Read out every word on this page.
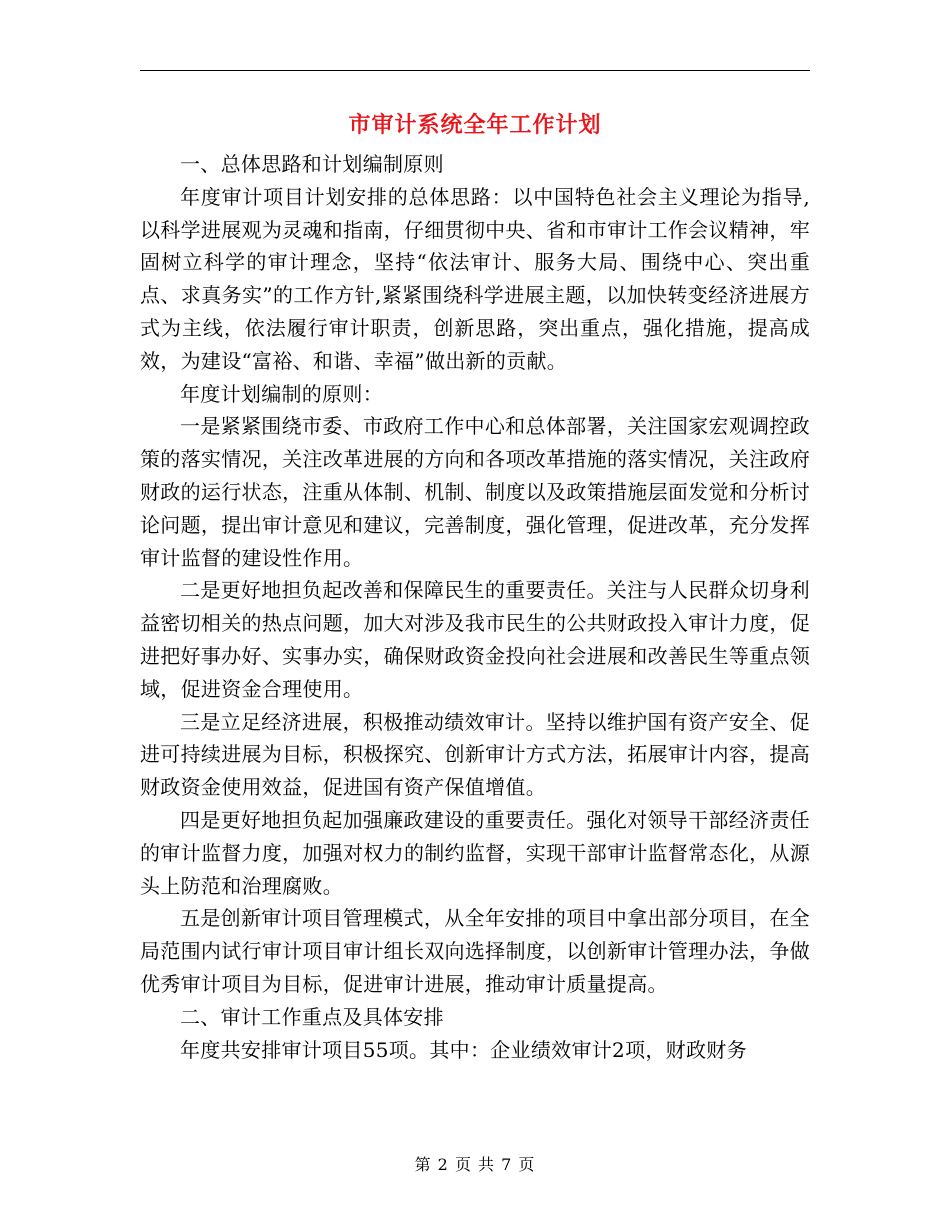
市审计系统全年工作计划

一、总体思路和计划编制原则

年度审计项目计划安排的总体思路：以中国特色社会主义理论为指导,以科学进展观为灵魂和指南，仔细贯彻中央、省和市审计工作会议精神，牢固树立科学的审计理念，坚持“依法审计、服务大局、围绕中心、突出重点、求真务实”的工作方针,紧紧围绕科学进展主题，以加快转变经济进展方式为主线，依法履行审计职责，创新思路，突出重点，强化措施，提高成效，为建设“富裕、和谐、幸福”做出新的贡献。

年度计划编制的原则：

一是紧紧围绕市委、市政府工作中心和总体部署，关注国家宏观调控政策的落实情况，关注改革进展的方向和各项改革措施的落实情况，关注政府财政的运行状态，注重从体制、机制、制度以及政策措施层面发觉和分析讨论问题，提出审计意见和建议，完善制度，强化管理，促进改革，充分发挥审计监督的建设性作用。

二是更好地担负起改善和保障民生的重要责任。关注与人民群众切身利益密切相关的热点问题，加大对涉及我市民生的公共财政投入审计力度，促进把好事办好、实事办实，确保财政资金投向社会进展和改善民生等重点领域，促进资金合理使用。

三是立足经济进展，积极推动绩效审计。坚持以维护国有资产安全、促进可持续进展为目标，积极探究、创新审计方式方法，拓展审计内容，提高财政资金使用效益，促进国有资产保值增值。

四是更好地担负起加强廉政建设的重要责任。强化对领导干部经济责任的审计监督力度，加强对权力的制约监督，实现干部审计监督常态化，从源头上防范和治理腐败。

五是创新审计项目管理模式，从全年安排的项目中拿出部分项目，在全局范围内试行审计项目审计组长双向选择制度，以创新审计管理办法，争做优秀审计项目为目标，促进审计进展，推动审计质量提高。

二、审计工作重点及具体安排

年度共安排审计项目55项。其中：企业绩效审计2项，财政财务

第 2 页 共 7 页
